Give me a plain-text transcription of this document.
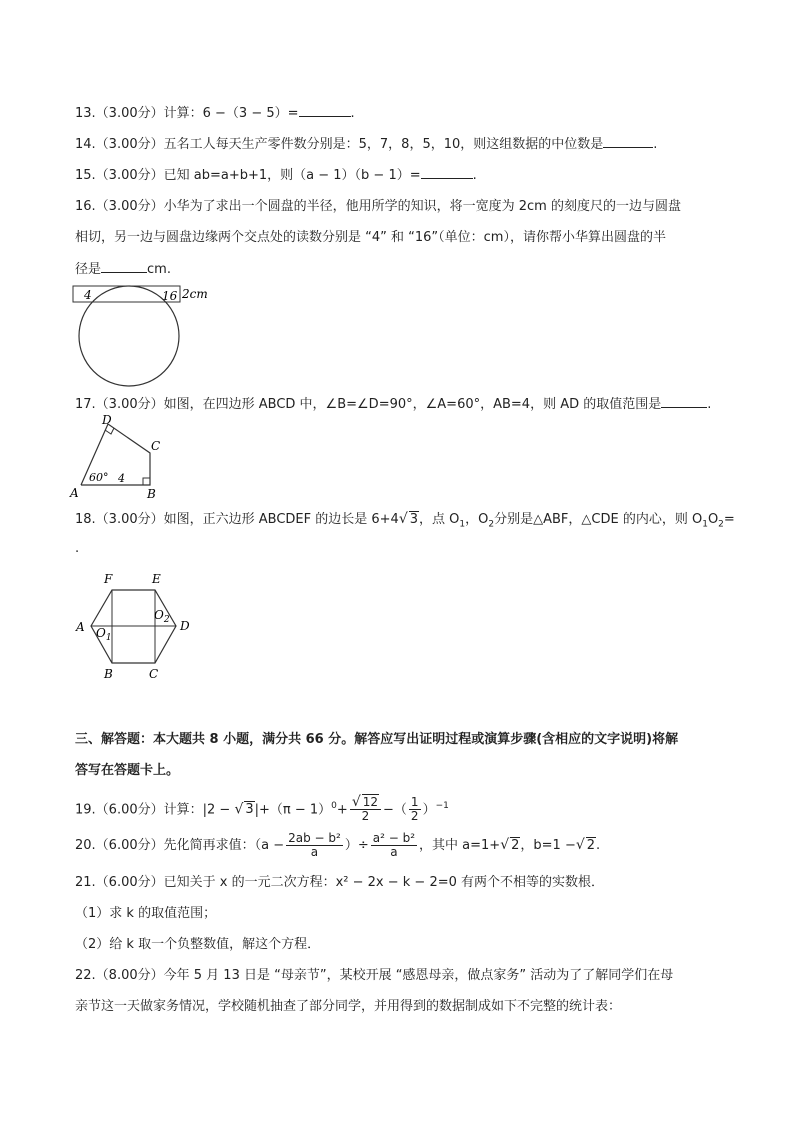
13.（3.00分）计算：6 −（3 − 5）=	.
14.（3.00分）五名工人每天生产零件数分别是：5，7，8，5，10，则这组数据的中位数是	.
15.（3.00分）已知 ab=a+b+1，则（a − 1）（b − 1）=	.
16.（3.00分）小华为了求出一个圆盘的半径，他用所学的知识，将一宽度为 2cm 的刻度尺的一边与圆盘
相切，另一边与圆盘边缘两个交点处的读数分别是 “4” 和 “16”（单位：cm），请你帮小华算出圆盘的半
径是	cm.
4	16 2cm
17.（3.00分）如图，在四边形 ABCD 中，∠B=∠D=90°，∠A=60°，AB=4，则 AD 的取值范围是	.
A	B
C
D
60° 4
18.（3.00分）如图，正六边形 ABCDEF 的边长是 6+4√ 3，点 $O_1$，$O_2$分别是△ABF，△CDE 的内心，则 $O_1O_2=$
.
A
B	C
D
E
F
$O_1$
$O_2$
三、解答题：本大题共 8 小题，满分共 66 分。解答应写出证明过程或演算步骤(含相应的文字说明)将解
答写在答题卡上。
19.（6.00分）计算：|2 − √ $3|+(\pi - 1)^0+ \frac{√ 12}{2}$ −（ $\frac{1}{2} )^{-1}$
20.（6.00分）先化简再求值：（$a - \frac{\text{2ab − b²}}{a}$ ）÷ $\frac{\text{a² − b²}}{a}$ ，其中 a=1+√ 2，b=1 −√ 2.
21.（6.00分）已知关于 x 的一元二次方程：x² − 2x − k − 2=0 有两个不相等的实数根．
（1）求 k 的取值范围；
（2）给 k 取一个负整数值，解这个方程．
22.（8.00分）今年 5 月 13 日是 “母亲节”，某校开展 “感恩母亲，做点家务” 活动为了了解同学们在母
亲节这一天做家务情况，学校随机抽查了部分同学，并用得到的数据制成如下不完整的统计表：
